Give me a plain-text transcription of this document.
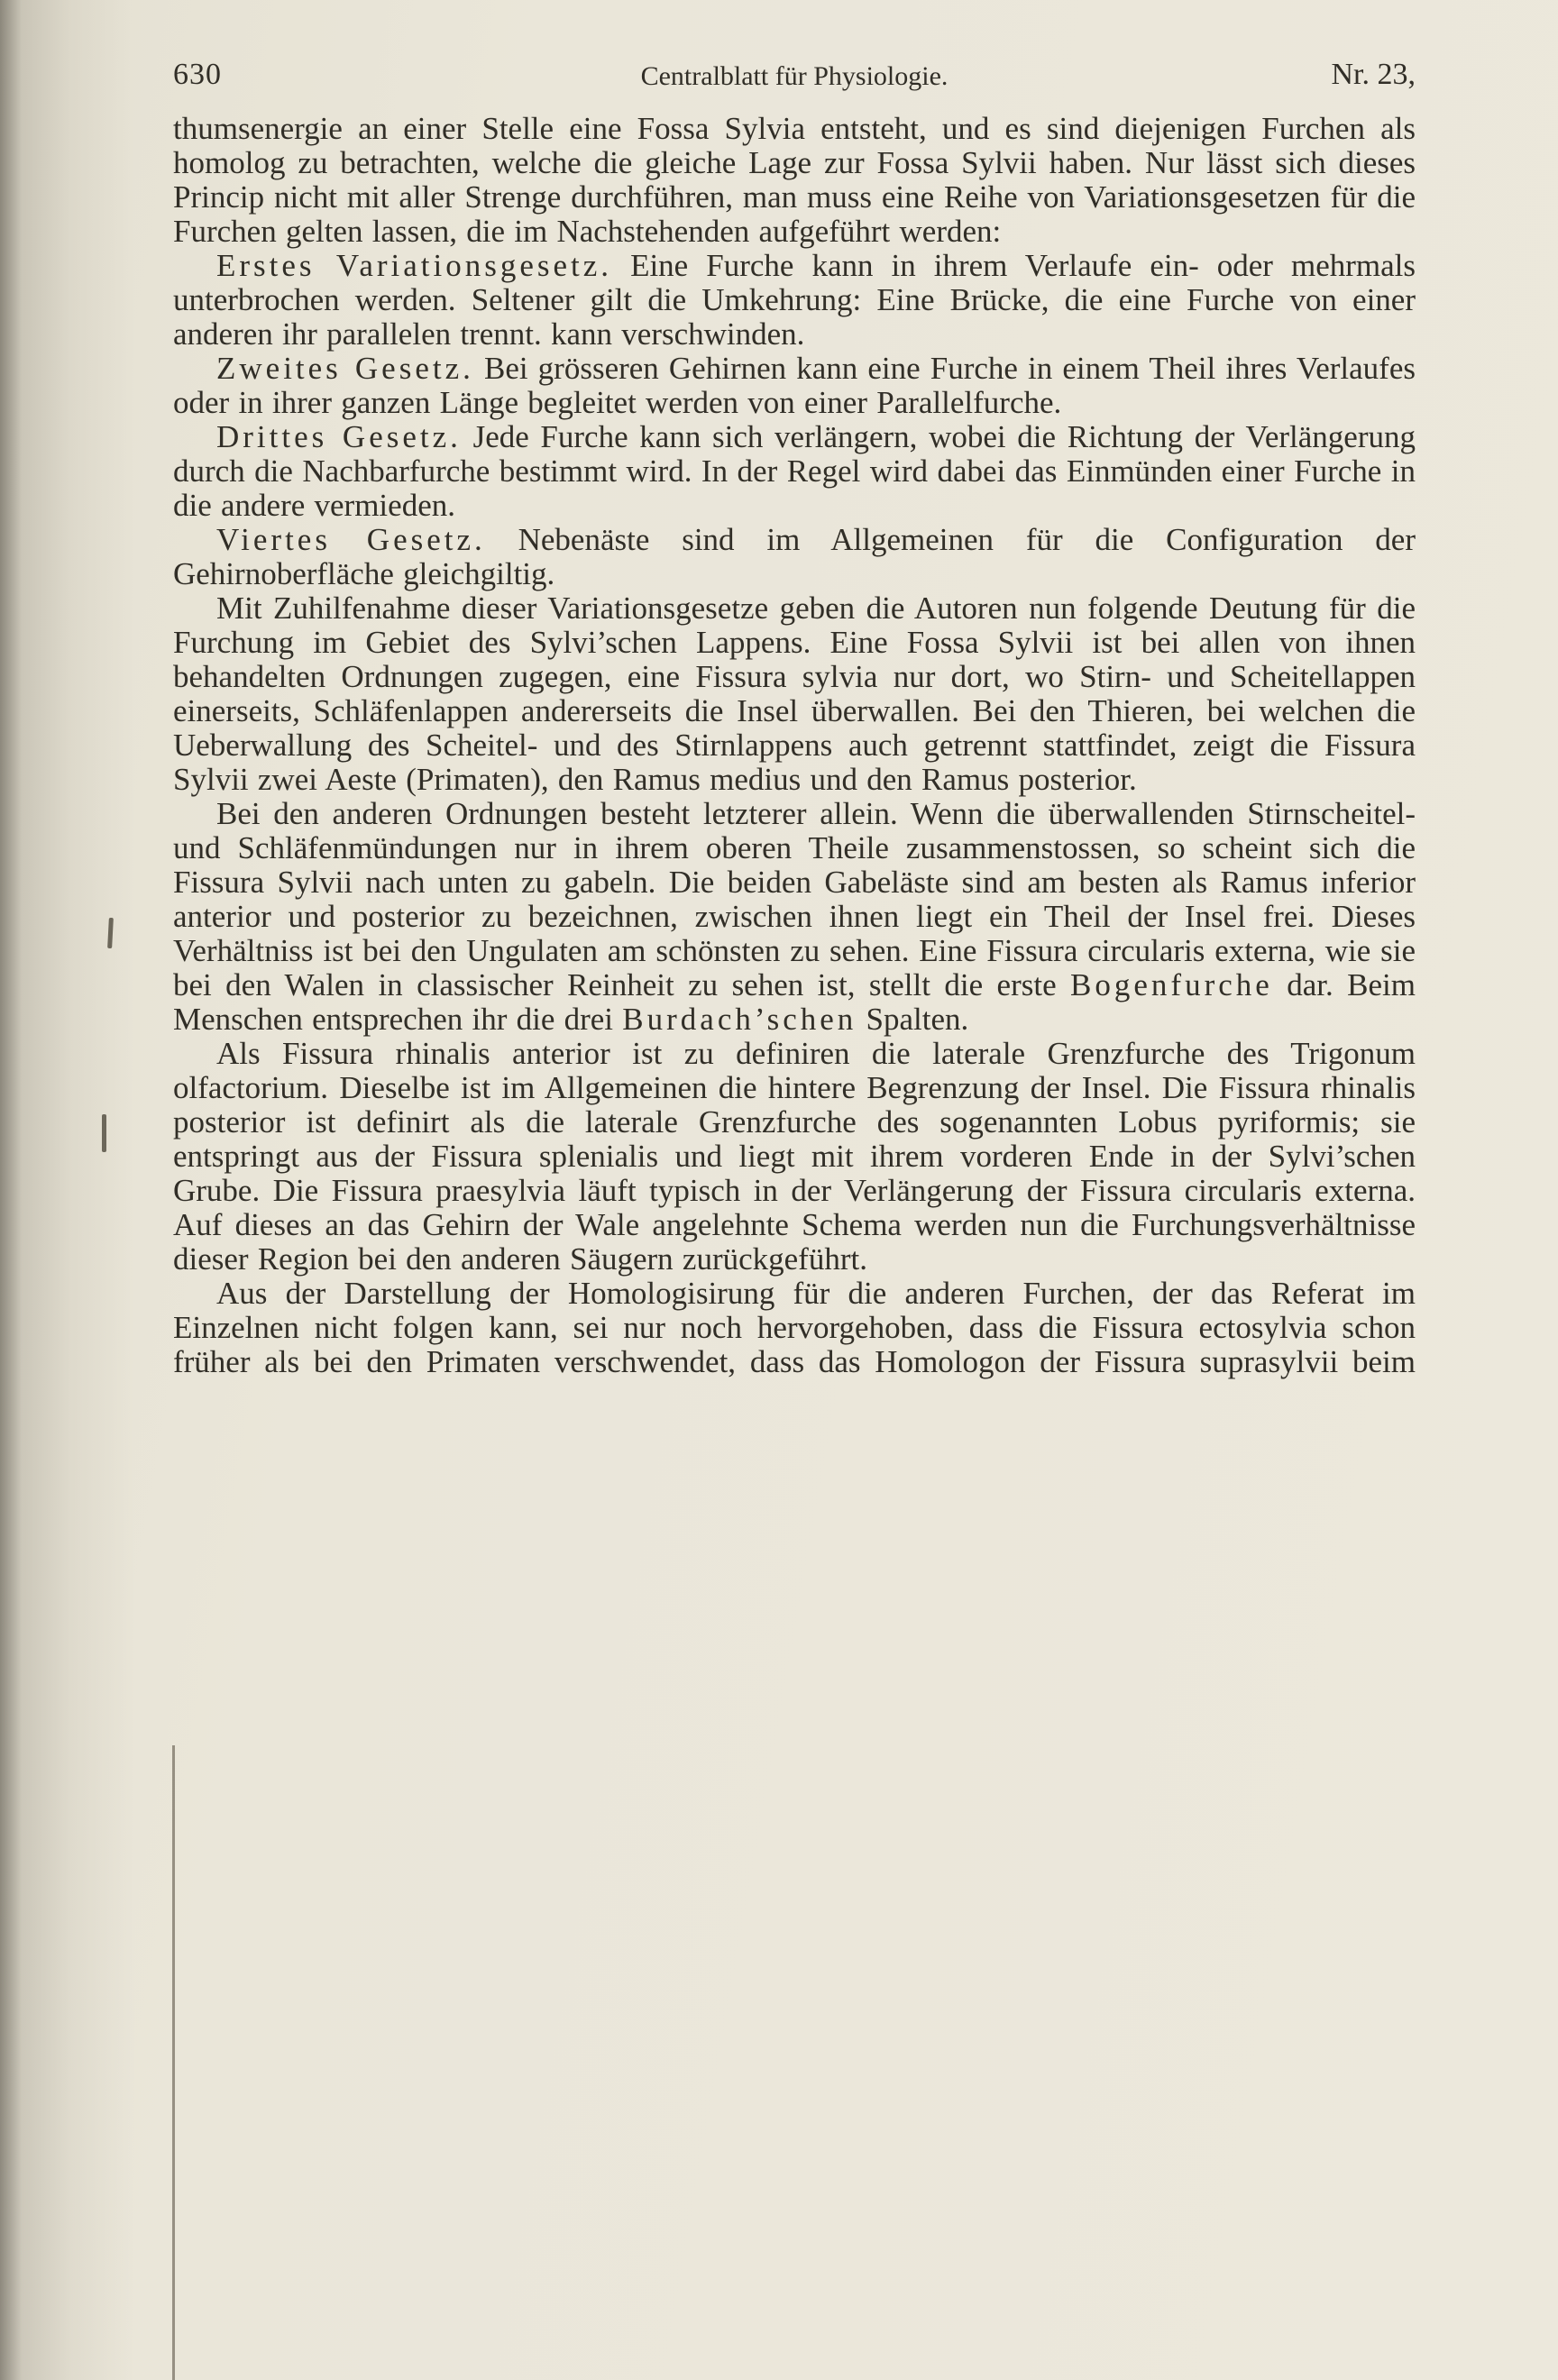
630	Centralblatt für Physiologie.	Nr. 23,

thumsenergie an einer Stelle eine Fossa Sylvia entsteht, und es sind diejenigen Furchen als homolog zu betrachten, welche die gleiche Lage zur Fossa Sylvii haben. Nur lässt sich dieses Princip nicht mit aller Strenge durchführen, man muss eine Reihe von Variationsgesetzen für die Furchen gelten lassen, die im Nachstehenden aufgeführt werden:

Erstes Variationsgesetz. Eine Furche kann in ihrem Verlaufe ein- oder mehrmals unterbrochen werden. Seltener gilt die Umkehrung: Eine Brücke, die eine Furche von einer anderen ihr parallelen trennt. kann verschwinden.

Zweites Gesetz. Bei grösseren Gehirnen kann eine Furche in einem Theil ihres Verlaufes oder in ihrer ganzen Länge begleitet werden von einer Parallelfurche.

Drittes Gesetz. Jede Furche kann sich verlängern, wobei die Richtung der Verlängerung durch die Nachbarfurche bestimmt wird. In der Regel wird dabei das Einmünden einer Furche in die andere vermieden.

Viertes Gesetz. Nebenäste sind im Allgemeinen für die Configuration der Gehirnoberfläche gleichgiltig.

Mit Zuhilfenahme dieser Variationsgesetze geben die Autoren nun folgende Deutung für die Furchung im Gebiet des Sylvi’schen Lappens. Eine Fossa Sylvii ist bei allen von ihnen behandelten Ordnungen zugegen, eine Fissura sylvia nur dort, wo Stirn- und Scheitellappen einerseits, Schläfenlappen andererseits die Insel überwallen. Bei den Thieren, bei welchen die Ueberwallung des Scheitel- und des Stirnlappens auch getrennt stattfindet, zeigt die Fissura Sylvii zwei Aeste (Primaten), den Ramus medius und den Ramus posterior.

Bei den anderen Ordnungen besteht letzterer allein. Wenn die überwallenden Stirnscheitel- und Schläfenmündungen nur in ihrem oberen Theile zusammenstossen, so scheint sich die Fissura Sylvii nach unten zu gabeln. Die beiden Gabeläste sind am besten als Ramus inferior anterior und posterior zu bezeichnen, zwischen ihnen liegt ein Theil der Insel frei. Dieses Verhältniss ist bei den Ungulaten am schönsten zu sehen. Eine Fissura circularis externa, wie sie bei den Walen in classischer Reinheit zu sehen ist, stellt die erste Bogenfurche dar. Beim Menschen entsprechen ihr die drei Burdach’schen Spalten.

Als Fissura rhinalis anterior ist zu definiren die laterale Grenzfurche des Trigonum olfactorium. Dieselbe ist im Allgemeinen die hintere Begrenzung der Insel. Die Fissura rhinalis posterior ist definirt als die laterale Grenzfurche des sogenannten Lobus pyriformis; sie entspringt aus der Fissura splenialis und liegt mit ihrem vorderen Ende in der Sylvi’schen Grube. Die Fissura praesylvia läuft typisch in der Verlängerung der Fissura circularis externa. Auf dieses an das Gehirn der Wale angelehnte Schema werden nun die Furchungsverhältnisse dieser Region bei den anderen Säugern zurückgeführt.

Aus der Darstellung der Homologisirung für die anderen Furchen, der das Referat im Einzelnen nicht folgen kann, sei nur noch hervorgehoben, dass die Fissura ectosylvia schon früher als bei den Primaten verschwendet, dass das Homologon der Fissura suprasylvii beim
